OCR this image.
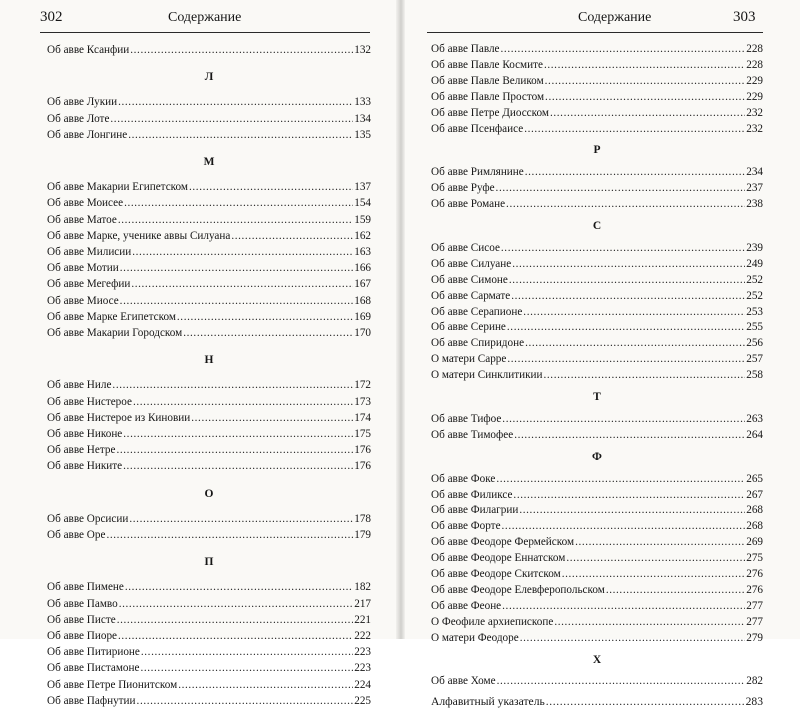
302	Содержание
Об авве Ксанфии .....	132
Л
Об авве Лукии .....	133
Об авве Лоте .....	134
Об авве Лонгине .....	135
М
Об авве Макарии Египетском .....	137
Об авве Моисее .....	154
Об авве Матое .....	159
Об авве Марке, ученике аввы Силуана .....	162
Об авве Милисии .....	163
Об авве Мотии .....	166
Об авве Мегефии .....	167
Об авве Миосе .....	168
Об авве Марке Египетском .....	169
Об авве Макарии Городском .....	170
Н
Об авве Ниле .....	172
Об авве Нистерое .....	173
Об авве Нистерое из Киновии .....	174
Об авве Никоне .....	175
Об авве Нетре .....	176
Об авве Никите .....	176
О
Об авве Орсисии .....	178
Об авве Оре .....	179
П
Об авве Пимене .....	182
Об авве Памво .....	217
Об авве Писте .....	221
Об авве Пиоре .....	222
Об авве Питирионе .....	223
Об авве Пистамоне .....	223
Об авве Петре Пионитском .....	224
Об авве Пафнутии .....	225
Содержание	303
Об авве Павле .....	228
Об авве Павле Космите .....	228
Об авве Павле Великом .....	229
Об авве Павле Простом .....	229
Об авве Петре Диосском .....	232
Об авве Псенфаисе .....	232
Р
Об авве Римлянине .....	234
Об авве Руфе .....	237
Об авве Романе .....	238
С
Об авве Сисое .....	239
Об авве Силуане .....	249
Об авве Симоне .....	252
Об авве Сармате .....	252
Об авве Серапионе .....	253
Об авве Серине .....	255
Об авве Спиридоне .....	256
О матери Сарре .....	257
О матери Синклитикии .....	258
Т
Об авве Тифое .....	263
Об авве Тимофее .....	264
Ф
Об авве Фоке .....	265
Об авве Филиксе .....	267
Об авве Филагрии .....	268
Об авве Форте .....	268
Об авве Феодоре Фермейском .....	269
Об авве Феодоре Еннатском .....	275
Об авве Феодоре Скитском .....	276
Об авве Феодоре Елевферопольском .....	276
Об авве Феоне .....	277
О Феофиле архиепископе .....	277
О матери Феодоре .....	279
Х
Об авве Хоме .....	282
Алфавитный указатель .....	283
